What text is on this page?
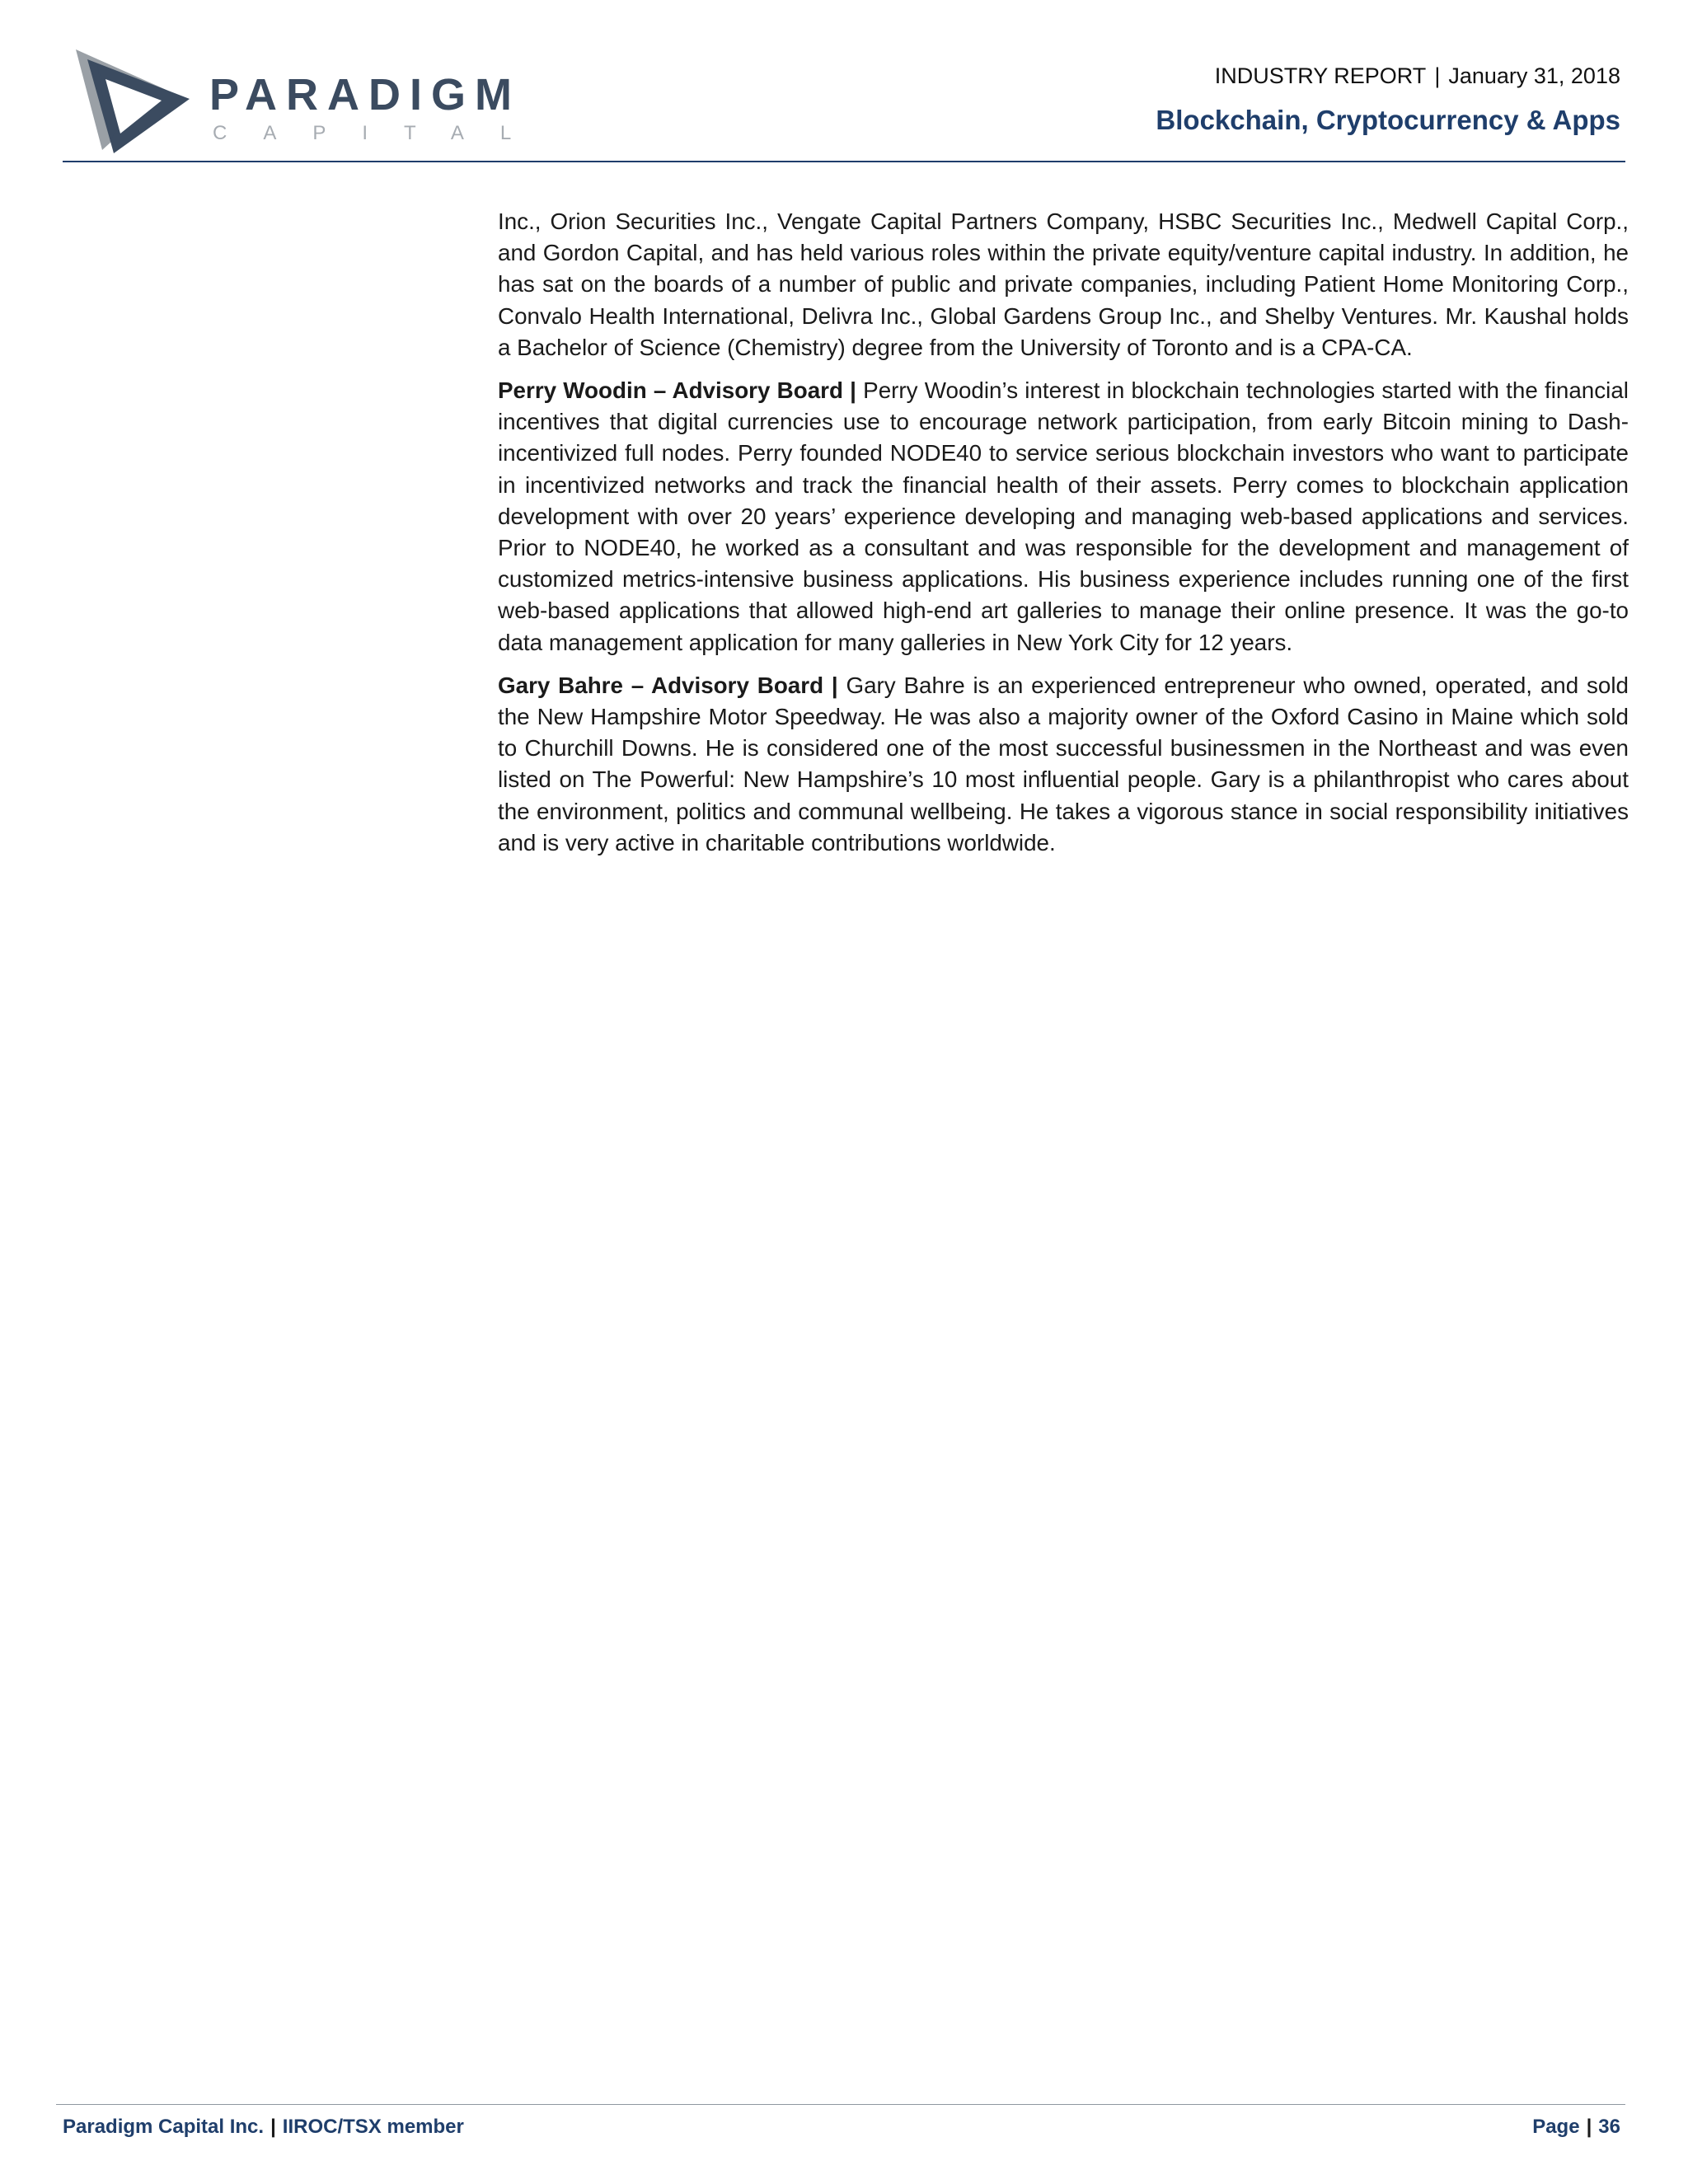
PARADIGM
CAPITAL
INDUSTRY REPORT | January 31, 2018
Blockchain, Cryptocurrency & Apps

Inc., Orion Securities Inc., Vengate Capital Partners Company, HSBC Securities Inc., Medwell Capital Corp., and Gordon Capital, and has held various roles within the private equity/venture capital industry. In addition, he has sat on the boards of a number of public and private companies, including Patient Home Monitoring Corp., Convalo Health International, Delivra Inc., Global Gardens Group Inc., and Shelby Ventures. Mr. Kaushal holds a Bachelor of Science (Chemistry) degree from the University of Toronto and is a CPA-CA.

Perry Woodin – Advisory Board | Perry Woodin’s interest in blockchain technologies started with the financial incentives that digital currencies use to encourage network participation, from early Bitcoin mining to Dash-incentivized full nodes. Perry founded NODE40 to service serious blockchain investors who want to participate in incentivized networks and track the financial health of their assets. Perry comes to blockchain application development with over 20 years’ experience developing and managing web-based applications and services. Prior to NODE40, he worked as a consultant and was responsible for the development and management of customized metrics-intensive business applications. His business experience includes running one of the first web-based applications that allowed high-end art galleries to manage their online presence. It was the go-to data management application for many galleries in New York City for 12 years.

Gary Bahre – Advisory Board | Gary Bahre is an experienced entrepreneur who owned, operated, and sold the New Hampshire Motor Speedway. He was also a majority owner of the Oxford Casino in Maine which sold to Churchill Downs. He is considered one of the most successful businessmen in the Northeast and was even listed on The Powerful: New Hampshire’s 10 most influential people. Gary is a philanthropist who cares about the environment, politics and communal wellbeing. He takes a vigorous stance in social responsibility initiatives and is very active in charitable contributions worldwide.

Paradigm Capital Inc. | IIROC/TSX member	Page | 36
